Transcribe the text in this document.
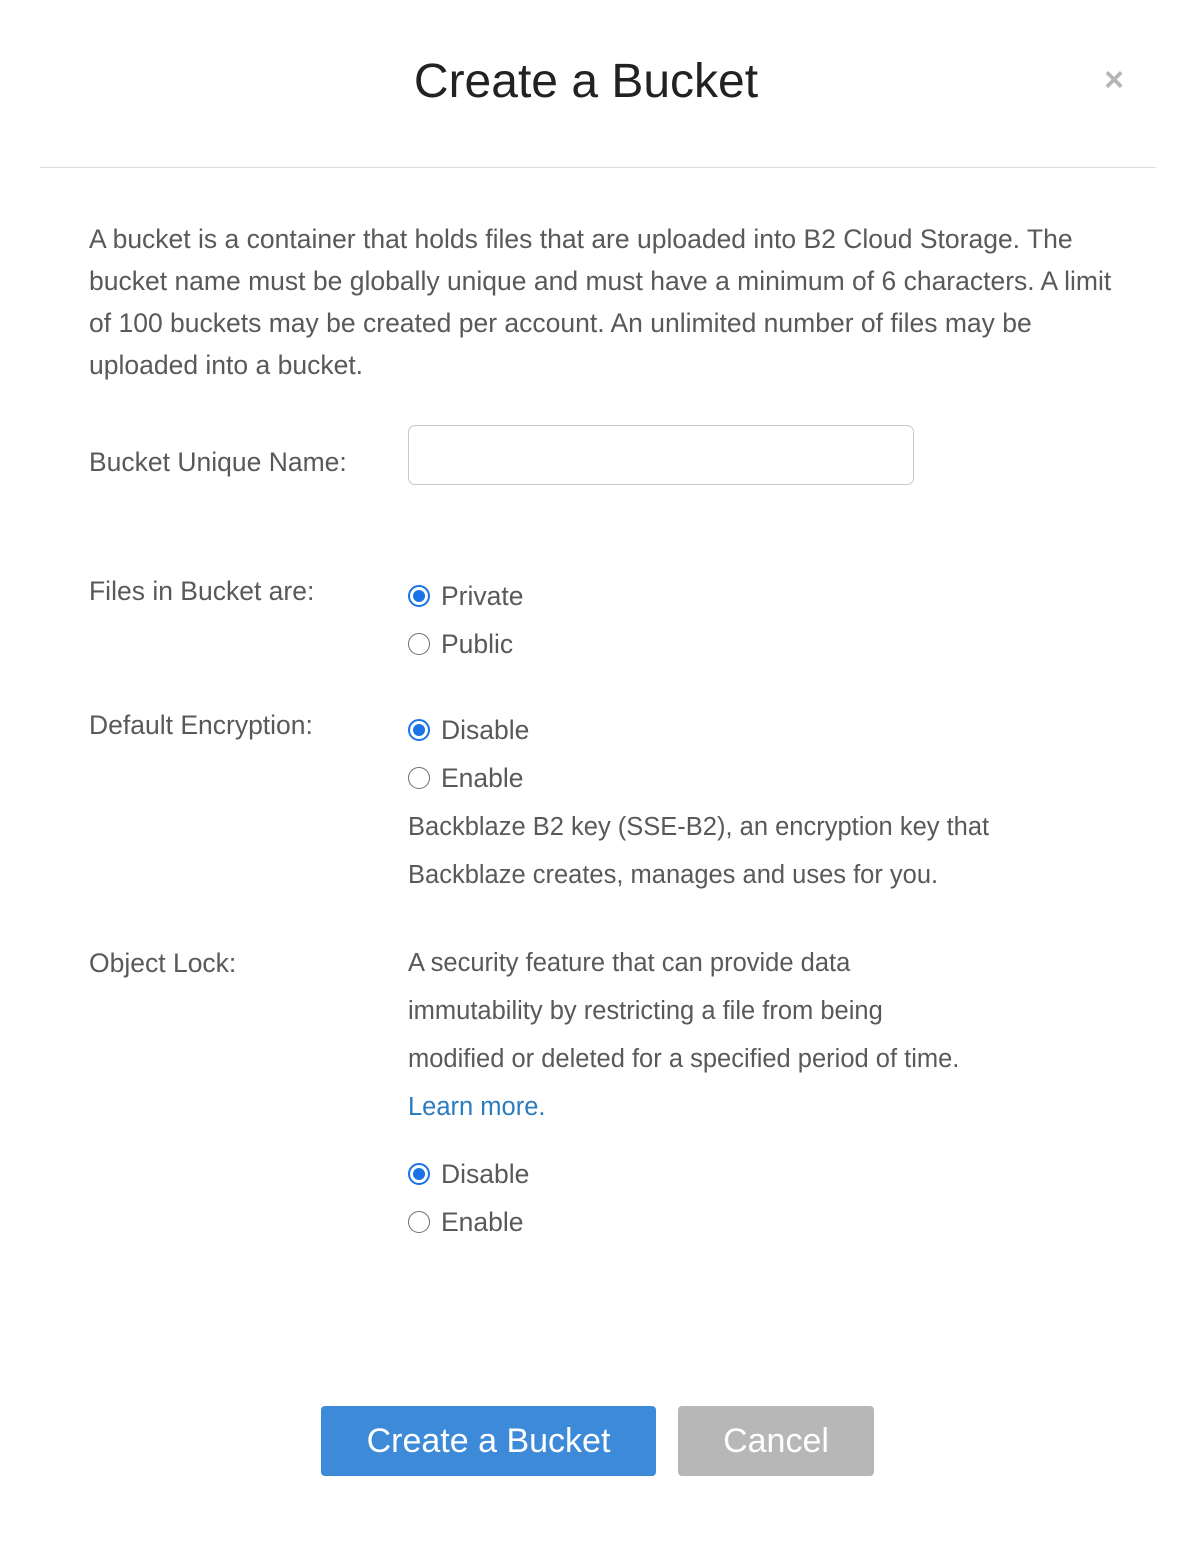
Create a Bucket	×
A bucket is a container that holds files that are uploaded into B2 Cloud Storage. The bucket name must be globally unique and must have a minimum of 6 characters. A limit of 100 buckets may be created per account. An unlimited number of files may be uploaded into a bucket.
Bucket Unique Name:
Files in Bucket are:	Private
Public
Default Encryption:	Disable
Enable
Backblaze B2 key (SSE-B2), an encryption key that Backblaze creates, manages and uses for you.
Object Lock:	A security feature that can provide data immutability by restricting a file from being modified or deleted for a specified period of time. Learn more.
Disable
Enable
Create a Bucket	Cancel
